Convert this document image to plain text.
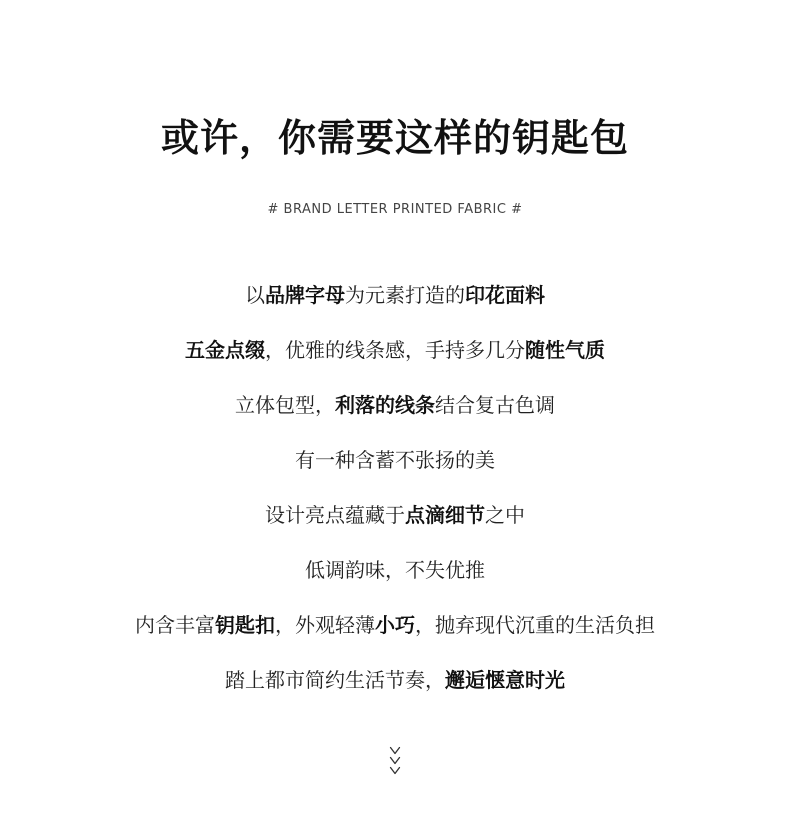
或许，你需要这样的钥匙包
# BRAND LETTER PRINTED FABRIC #
以品牌字母为元素打造的印花面料
五金点缀，优雅的线条感，手持多几分随性气质
立体包型，利落的线条结合复古色调
有一种含蓄不张扬的美
设计亮点蕴藏于点滴细节之中
低调韵味，不失优推
内含丰富钥匙扣，外观轻薄小巧，抛弃现代沉重的生活负担
踏上都市简约生活节奏，邂逅惬意时光
